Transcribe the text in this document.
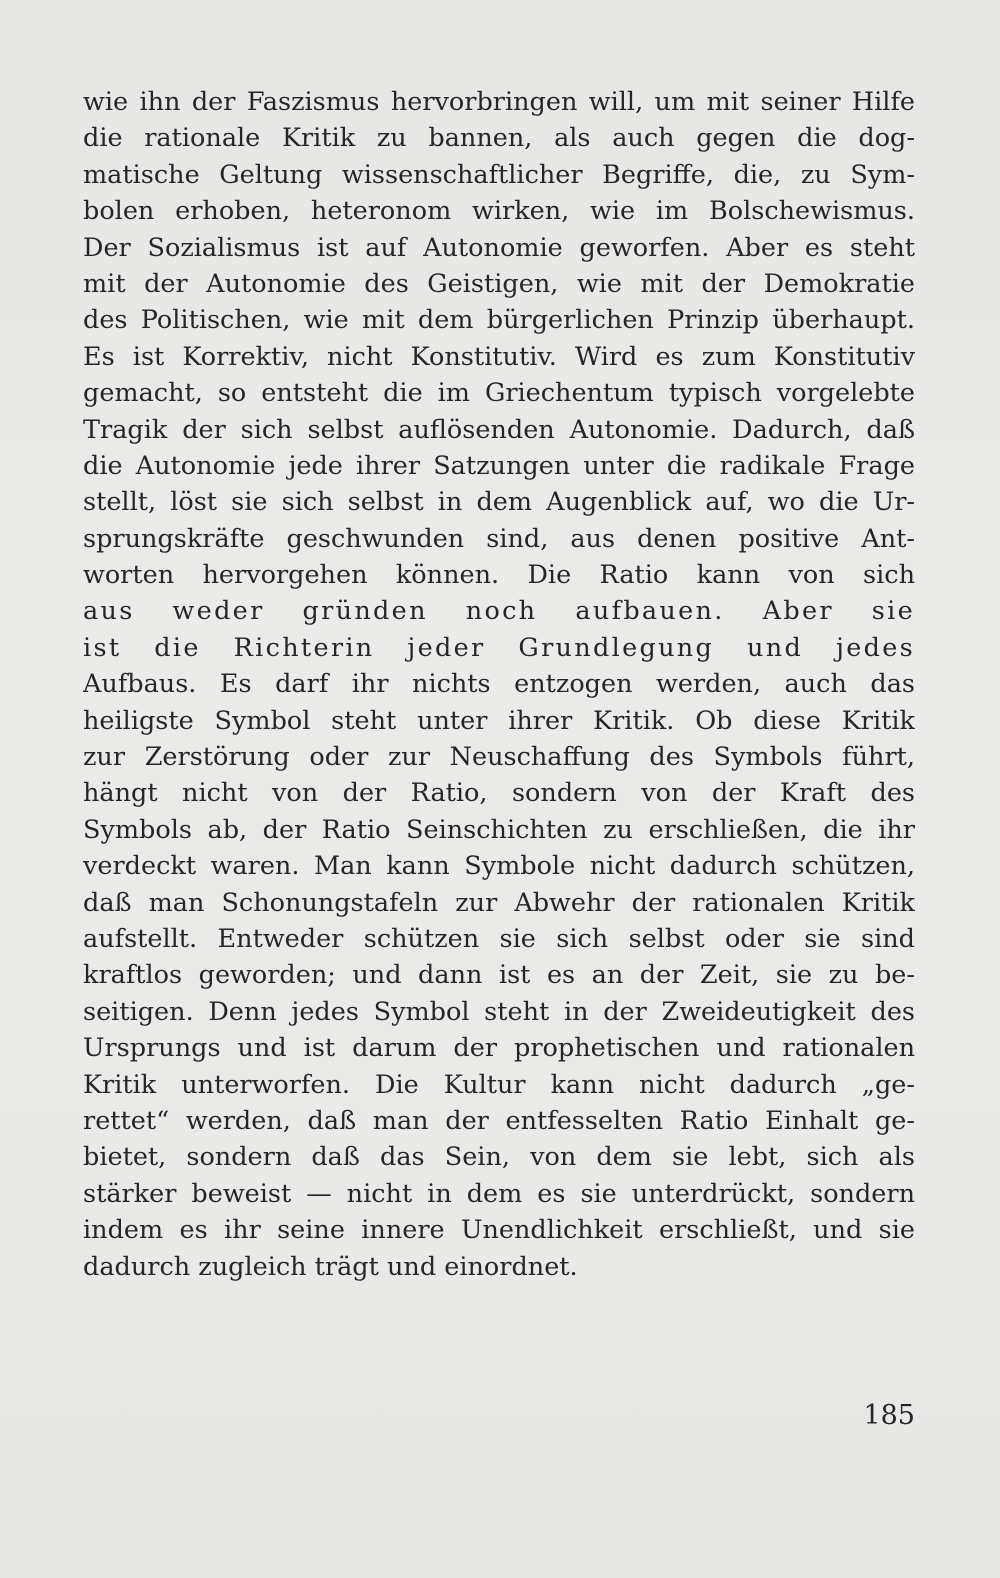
wie ihn der Faszismus hervorbringen will, um mit seiner Hilfe
die rationale Kritik zu bannen, als auch gegen die dog-
matische Geltung wissenschaftlicher Begriffe, die, zu Sym-
bolen erhoben, heteronom wirken, wie im Bolschewismus.
Der Sozialismus ist auf Autonomie geworfen. Aber es steht
mit der Autonomie des Geistigen, wie mit der Demokratie
des Politischen, wie mit dem bürgerlichen Prinzip überhaupt.
Es ist Korrektiv, nicht Konstitutiv. Wird es zum Konstitutiv
gemacht, so entsteht die im Griechentum typisch vorgelebte
Tragik der sich selbst auflösenden Autonomie. Dadurch, daß
die Autonomie jede ihrer Satzungen unter die radikale Frage
stellt, löst sie sich selbst in dem Augenblick auf, wo die Ur-
sprungskräfte geschwunden sind, aus denen positive Ant-
worten hervorgehen können. Die Ratio kann von sich
aus weder gründen noch aufbauen. Aber sie
ist die Richterin jeder Grundlegung und jedes
Aufbaus. Es darf ihr nichts entzogen werden, auch das
heiligste Symbol steht unter ihrer Kritik. Ob diese Kritik
zur Zerstörung oder zur Neuschaffung des Symbols führt,
hängt nicht von der Ratio, sondern von der Kraft des
Symbols ab, der Ratio Seinschichten zu erschließen, die ihr
verdeckt waren. Man kann Symbole nicht dadurch schützen,
daß man Schonungstafeln zur Abwehr der rationalen Kritik
aufstellt. Entweder schützen sie sich selbst oder sie sind
kraftlos geworden; und dann ist es an der Zeit, sie zu be-
seitigen. Denn jedes Symbol steht in der Zweideutigkeit des
Ursprungs und ist darum der prophetischen und rationalen
Kritik unterworfen. Die Kultur kann nicht dadurch „ge-
rettet“ werden, daß man der entfesselten Ratio Einhalt ge-
bietet, sondern daß das Sein, von dem sie lebt, sich als
stärker beweist — nicht in dem es sie unterdrückt, sondern
indem es ihr seine innere Unendlichkeit erschließt, und sie
dadurch zugleich trägt und einordnet.
185
